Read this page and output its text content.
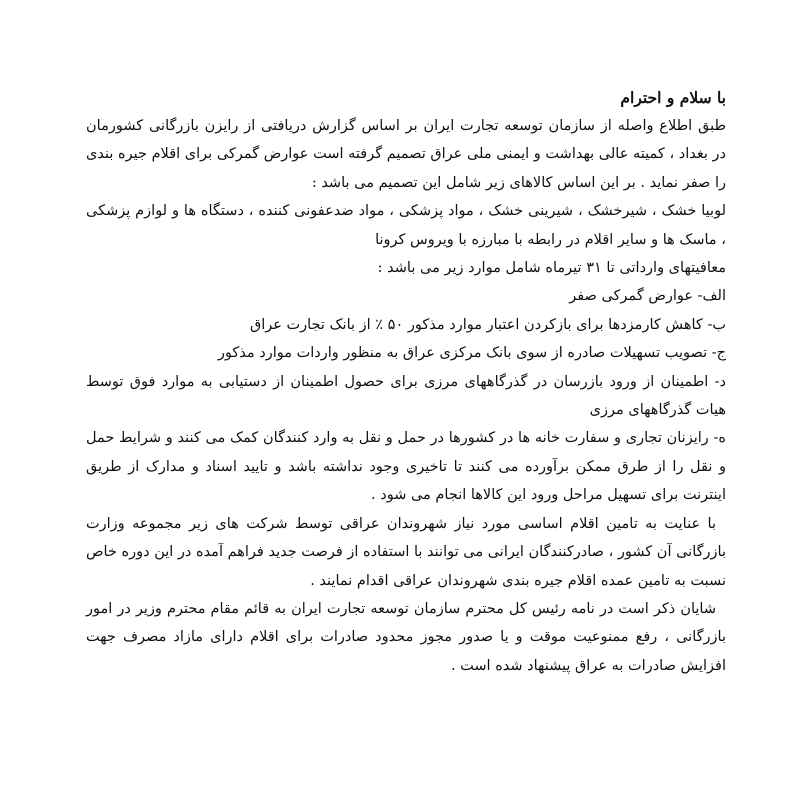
با سلام و احترام

طبق اطلاع واصله از سازمان توسعه تجارت ایران بر اساس گزارش دریافتی از رایزن بازرگانی کشورمان در بغداد ، کمیته عالی بهداشت و ایمنی ملی عراق تصمیم گرفته است عوارض گمرکی برای اقلام جیره بندی را صفر نماید . بر این اساس کالاهای زیر شامل این تصمیم می باشد :

لوبیا خشک ، شیرخشک ، شیرینی خشک ، مواد پزشکی ، مواد ضدعفونی کننده ، دستگاه ها و لوازم پزشکی ، ماسک ها و سایر اقلام در رابطه با مبارزه با ویروس کرونا

معافیتهای وارداتی تا ۳۱ تیرماه شامل موارد زیر می باشد :

الف- عوارض گمرکی صفر

ب- کاهش کارمزدها برای بازکردن اعتبار موارد مذکور ۵۰ ٪ از بانک تجارت عراق

ج- تصویب تسهیلات صادره از سوی بانک مرکزی عراق به منظور واردات موارد مذکور

د- اطمینان از ورود بازرسان در گذرگاههای مرزی برای حصول اطمینان از دستیابی به موارد فوق توسط هیات گذرگاههای مرزی

ه- رایزنان تجاری و سفارت خانه ها در کشورها در حمل و نقل به وارد کنندگان کمک می کنند و شرایط حمل و نقل را از طرق ممکن برآورده می کنند تا تاخیری وجود نداشته باشد و تایید اسناد و مدارک از طریق اینترنت برای تسهیل مراحل ورود این کالاها انجام می شود .

با عنایت به تامین اقلام اساسی مورد نیاز شهروندان عراقی توسط شرکت های زیر مجموعه وزارت بازرگانی آن کشور ، صادرکنندگان ایرانی می توانند با استفاده از فرصت جدید فراهم آمده در این دوره خاص نسبت به تامین عمده اقلام جیره بندی شهروندان عراقی اقدام نمایند .

شایان ذکر است در نامه رئیس کل محترم سازمان توسعه تجارت ایران به قائم مقام محترم وزیر در امور بازرگانی ، رفع ممنوعیت موقت و یا صدور مجوز محدود صادرات برای اقلام دارای مازاد مصرف جهت افزایش صادرات به عراق پیشنهاد شده است .
